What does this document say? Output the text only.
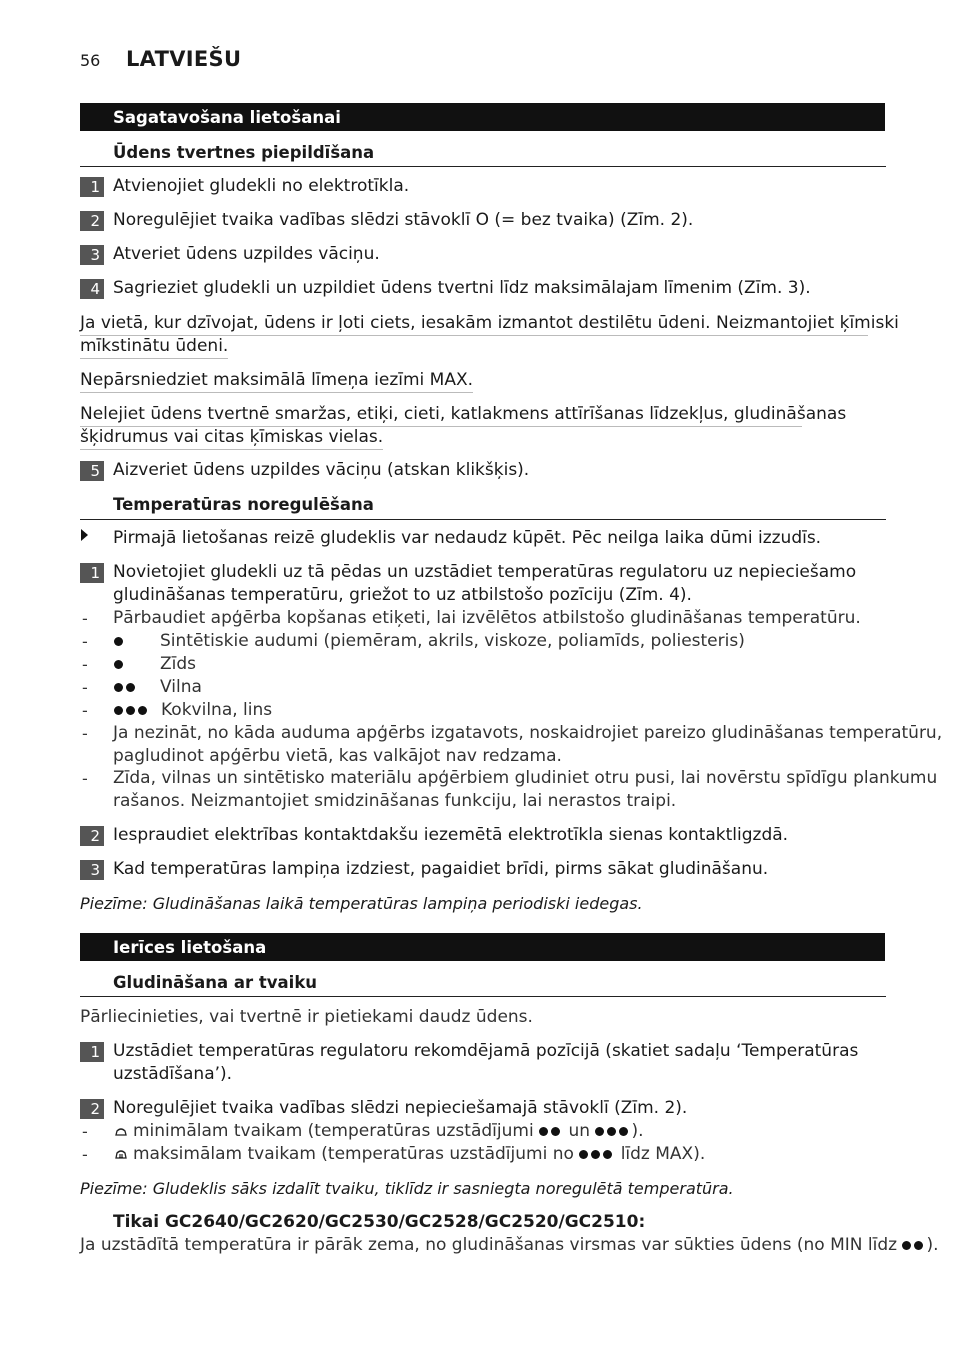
56 LATVIEŠU
Sagatavošana lietošanai
Ūdens tvertnes piepildīšana
1 Atvienojiet gludekli no elektrotīkla.
2 Noregulējiet tvaika vadības slēdzi stāvoklī O (= bez tvaika) (Zīm. 2).
3 Atveriet ūdens uzpildes vāciņu.
4 Sagrieziet gludekli un uzpildiet ūdens tvertni līdz maksimālajam līmenim (Zīm. 3).
Ja vietā, kur dzīvojat, ūdens ir ļoti ciets, iesakām izmantot destilētu ūdeni. Neizmantojiet ķīmiski
mīkstinātu ūdeni.
Nepārsniedziet maksimālā līmeņa iezīmi MAX.
Nelejiet ūdens tvertnē smaržas, etiķi, cieti, katlakmens attīrīšanas līdzekļus, gludināšanas
šķidrumus vai citas ķīmiskas vielas.
5 Aizveriet ūdens uzpildes vāciņu (atskan klikšķis).
Temperatūras noregulēšana
Pirmajā lietošanas reizē gludeklis var nedaudz kūpēt. Pēc neilga laika dūmi izzudīs.
1 Novietojiet gludekli uz tā pēdas un uzstādiet temperatūras regulatoru uz nepieciešamo
gludināšanas temperatūru, griežot to uz atbilstošo pozīciju (Zīm. 4).
- Pārbaudiet apģērba kopšanas etiķeti, lai izvēlētos atbilstošo gludināšanas temperatūru.
-	Sintētiskie audumi (piemēram, akrils, viskoze, poliamīds, poliesteris)
-	Zīds
-	Vilna
-	Kokvilna, lins
- Ja nezināt, no kāda auduma apģērbs izgatavots, noskaidrojiet pareizo gludināšanas temperatūru,
pagludinot apģērbu vietā, kas valkājot nav redzama.
- Zīda, vilnas un sintētisko materiālu apģērbiem gludiniet otru pusi, lai novērstu spīdīgu plankumu
rašanos. Neizmantojiet smidzināšanas funkciju, lai nerastos traipi.
2 Iespraudiet elektrības kontaktdakšu iezemētā elektrotīkla sienas kontaktligzdā.
3 Kad temperatūras lampiņa izdziest, pagaidiet brīdi, pirms sākat gludināšanu.
Piezīme: Gludināšanas laikā temperatūras lampiņa periodiski iedegas.
Ierīces lietošana
Gludināšana ar tvaiku
Pārliecinieties, vai tvertnē ir pietiekami daudz ūdens.
1 Uzstādiet temperatūras regulatoru rekomdējamā pozīcijā (skatiet sadaļu ‘Temperatūras
uzstādīšana’).
2 Noregulējiet tvaika vadības slēdzi nepieciešamajā stāvoklī (Zīm. 2).
-	minimālam tvaikam (temperatūras uzstādījumi un ).
-	maksimālam tvaikam (temperatūras uzstādījumi no	līdz MAX).
Piezīme: Gludeklis sāks izdalīt tvaiku, tiklīdz ir sasniegta noregulētā temperatūra.
Tikai GC2640/GC2620/GC2530/GC2528/GC2520/GC2510:
Ja uzstādītā temperatūra ir pārāk zema, no gludināšanas virsmas var sūkties ūdens (no MIN līdz ).
